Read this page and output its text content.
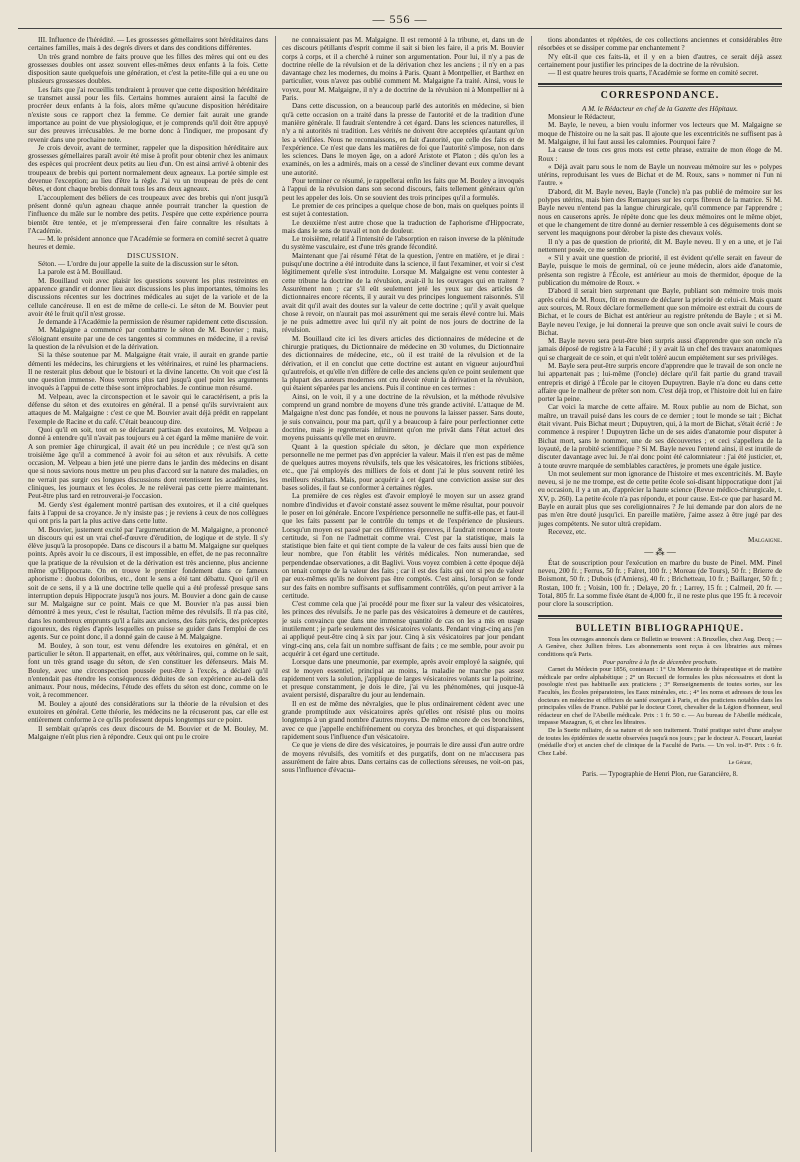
— 556 —

III. Influence de l'hérédité. — Les grossesses gémellaires sont héréditaires dans certaines familles, mais à des degrés divers et dans des conditions différentes.

Un très grand nombre de faits prouve que les filles des mères qui ont eu des grossesses doubles ont assez souvent elles-mêmes deux enfants à la fois. Cette disposition saute quelquefois une génération, et c'est la petite-fille qui a eu une ou plusieurs grossesses doubles.

Les faits que j'ai recueillis tendraient à prouver que cette disposition héréditaire se transmet aussi pour les fils. Certains hommes auraient ainsi la faculté de procréer deux enfants à la fois, alors même qu'aucune disposition héréditaire n'existe sous ce rapport chez la femme. Ce dernier fait aurait une grande importance au point de vue physiologique, et je comprends qu'il doit être appuyé sur des preuves irrécusables. Je me borne donc à l'indiquer, me proposant d'y revenir dans une prochaine note.

Je crois devoir, avant de terminer, rappeler que la disposition héréditaire aux grossesses gémellaires paraît avoir été mise à profit pour obtenir chez les animaux des espèces qui procréent deux petits au lieu d'un. On est ainsi arrivé à obtenir des troupeaux de brebis qui portent normalement deux agneaux. La portée simple est devenue l'exception; au lieu d'être la règle. J'ai vu un troupeau de près de cent bêtes, et dont chaque brebis donnait tous les ans deux agneaux.

L'accouplement des béliers de ces troupeaux avec des brebis qui n'ont jusqu'à présent donné qu'un agneau chaque année pourrait trancher la question de l'influence du mâle sur le nombre des petits. J'espère que cette expérience pourra bientôt être tentée, et je m'empresserai d'en faire connaître les résultats à l'Académie.

— M. le président annonce que l'Académie se formera en comité secret à quatre heures et demie.

DISCUSSION.

Séton. — L'ordre du jour appelle la suite de la discussion sur le séton.

La parole est à M. Bouillaud.

M. Bouillaud voit avec plaisir les questions souvent les plus restreintes en apparence grandir et donner lieu aux discussions les plus importantes, témoins les discussions récentes sur les doctrines médicales au sujet de la variole et de la cellule cancéreuse. Il en est de même de celle-ci. Le séton de M. Bouvier peut avoir été le fruit qu'il n'est grosse.

Je demande à l'Académie la permission de résumer rapidement cette discussion.

M. Malgaigne a commencé par combattre le séton de M. Bouvier ; mais, s'éloignant ensuite par une de ces tangentes si communes en médecine, il a revisé la question de la révulsion et de la dérivation.

Si la thèse soutenue par M. Malgaigne était vraie, il aurait en grande partie démenti les médecins, les chirurgiens et les vétérinaires, et ruiné les pharmaciens. Il ne resterait plus debout que le bistouri et la divine lancette. On voit que c'est là une question immense. Nous verrons plus tard jusqu'à quel point les arguments invoqués à l'appui de cette thèse sont irréprochables. Je continue mon résumé.

M. Velpeau, avec la circonspection et le savoir qui le caractérisent, a pris la défense du séton et des exutoires en général. Il a pensé qu'ils survivraient aux attaques de M. Malgaigne : c'est ce que M. Bouvier avait déjà prédit en rappelant l'exemple de Racine et du café. C'était beaucoup dire.

Quoi qu'il en soit, tout en se déclarant partisan des exutoires, M. Velpeau a donné à entendre qu'il n'avait pas toujours eu à cet égard la même manière de voir. A son premier âge chirurgical, il avait été un peu incrédule ; ce n'est qu'à son troisième âge qu'il a commencé à avoir foi au séton et aux révulsifs. A cette occasion, M. Velpeau a bien jeté une pierre dans le jardin des médecins en disant que si nous savions nous mettre un peu plus d'accord sur la nature des maladies, on ne verrait pas surgir ces longues discussions dont retentissent les académies, les cliniques, les journaux et les écoles. Je ne relèverai pas cette pierre maintenant. Peut-être plus tard en retrouverai-je l'occasion.

M. Gerdy s'est également montré partisan des exutoires, et il a cité quelques faits à l'appui de sa croyance. Je n'y insiste pas ; je reviens à ceux de nos collègues qui ont pris la part la plus active dans cette lutte.

M. Bouvier, justement excité par l'argumentation de M. Malgaigne, a prononcé un discours qui est un vrai chef-d'œuvre d'érudition, de logique et de style. Il s'y élève jusqu'à la prosopopée. Dans ce discours il a battu M. Malgaigne sur quelques points. Après avoir lu ce discours, il est impossible, en effet, de ne pas reconnaître que la pratique de la révulsion et de la dérivation est très ancienne, plus ancienne même qu'Hippocrate. On en trouve le premier fondement dans ce fameux aphorisme : duobus doloribus, etc., dont le sens a été tant débattu. Quoi qu'il en soit de ce sens, il y a là une doctrine telle quelle qui a été professé presque sans interruption depuis Hippocrate jusqu'à nos jours. M. Bouvier a donc gain de cause sur M. Malgaigne sur ce point. Mais ce que M. Bouvier n'a pas aussi bien démontré à mes yeux, c'est le résultat, l'action même des révulsifs. Il n'a pas cité, dans les nombreux emprunts qu'il a faits aux anciens, des faits précis, des préceptes rigoureux, des règles d'après lesquelles on puisse se guider dans l'emploi de ces agents. Sur ce point donc, il a donné gain de cause à M. Malgaigne.

M. Bouley, à son tour, est venu défendre les exutoires en général, et en particulier le séton. Il appartenait, en effet, aux vétérinaires, qui, comme on le sait, font un très grand usage du séton, de s'en constituer les défenseurs. Mais M. Bouley, avec une circonspection poussée peut-être à l'excès, a déclaré qu'il n'entendait pas étendre les conséquences déduites de son expérience au-delà des animaux. Pour nous, médecins, l'étude des effets du séton est donc, comme on le voit, à recommencer.

M. Bouley a ajouté des considérations sur la théorie de la révulsion et des exutoires en général. Cette théorie, les médecins ne la récuseront pas, car elle est entièrement conforme à ce qu'ils professent depuis longtemps sur ce point.

Il semblait qu'après ces deux discours de M. Bouvier et de M. Bouley, M. Malgaigne n'eût plus rien à répondre. Ceux qui ont pu le croire

ne connaissaient pas M. Malgaigne. Il est remonté à la tribune, et, dans un de ces discours pétillants d'esprit comme il sait si bien les faire, il a pris M. Bouvier corps à corps, et il a cherché à ruiner son argumentation. Pour lui, il n'y a pas de doctrine réelle de la révulsion et de la dérivation chez les anciens ; il n'y en a pas davantage chez les modernes, du moins à Paris. Quant à Montpellier, et Barthez en particulier, vous n'avez pas oublié comment M. Malgaigne l'a traité. Ainsi, vous le voyez, pour M. Malgaigne, il n'y a de doctrine de la révulsion ni à Montpellier ni à Paris.

Dans cette discussion, on a beaucoup parlé des autorités en médecine, si bien qu'à cette occasion on a traité dans la presse de l'autorité et de la tradition d'une manière générale. Il faudrait s'entendre à cet égard. Dans les sciences naturelles, il n'y a ni autorités ni tradition. Les vérités ne doivent être acceptées qu'autant qu'on les a vérifiées. Nous ne reconnaissons, en fait d'autorité, que celle des faits et de l'expérience. Ce n'est que dans les matières de foi que l'autorité s'impose, non dans les sciences. Dans le moyen âge, on a adoré Aristote et Platon ; dès qu'on les a examinés, on les a admirés, mais on a cessé de s'incliner devant eux comme devant une autorité.

Pour terminer ce résumé, je rappellerai enfin les faits que M. Bouley a invoqués à l'appui de la révulsion dans son second discours, faits tellement généraux qu'on peut les appeler des lois. On se souvient des trois principes qu'il a formulés.

Le premier de ces principes a quelque chose de bon, mais on quelques points il est sujet à contestation.

Le deuxième n'est autre chose que la traduction de l'aphorisme d'Hippocrate, mais dans le sens de travail et non de douleur.

Le troisième, relatif à l'intensité de l'absorption en raison inverse de la plénitude du système vasculaire, est d'une très grande fécondité.

Maintenant que j'ai résumé l'état de la question, j'entre en matière, et je dirai : puisqu'une doctrine a été introduite dans la science, il faut l'examiner, et voir si c'est légitimement qu'elle s'est introduite. Lorsque M. Malgaigne est venu contester à cette tribune la doctrine de la révulsion, avait-il lu les ouvrages qui en traitent ? Assurément non ; car s'il eût seulement jeté les yeux sur des articles de dictionnaires encore récents, il y aurait vu des principes longuement raisonnés. S'il avait dit qu'il avait des doutes sur la valeur de cette doctrine ; qu'il y avait quelque chose à revoir, on n'aurait pas moi assurément qui me serais élevé contre lui. Mais je ne puis admettre avec lui qu'il n'y ait point de nos jours de doctrine de la révulsion.

M. Bouillaud cite ici les divers articles des dictionnaires de médecine et de chirurgie pratiques, du Dictionnaire de médecine en 30 volumes, du Dictionnaire des dictionnaires de médecine, etc., où il est traité de la révulsion et de la dérivation, et il en conclut que cette doctrine est autant en vigueur aujourd'hui qu'autrefois, et qu'elle n'en diffère de celle des anciens qu'en ce point seulement que la plupart des auteurs modernes ont cru devoir réunir la dérivation et la révulsion, qui étaient séparées par les anciens. Puis il continue en ces termes :

Ainsi, on le voit, il y a une doctrine de la révulsion, et la méthode révulsive comprend un grand nombre de moyens d'une très grande activité. L'attaque de M. Malgaigne n'est donc pas fondée, et nous ne pouvons la laisser passer. Sans doute, je suis convaincu, pour ma part, qu'il y a beaucoup à faire pour perfectionner cette doctrine, mais je regretterais infiniment qu'on me privât dans l'état actuel des moyens puissants qu'elle met en œuvre.

Quant à la question spéciale du séton, je déclare que mon expérience personnelle ne me permet pas d'en apprécier la valeur. Mais il n'en est pas de même de quelques autres moyens révulsifs, tels que les vésicatoires, les frictions stibiées, etc., que j'ai employés des milliers de fois et dont j'ai le plus souvent retiré les meilleurs résultats. Mais, pour acquérir à cet égard une conviction assise sur des bases solides, il faut se conformer à certaines règles.

La première de ces règles est d'avoir employé le moyen sur un assez grand nombre d'individus et d'avoir constaté assez souvent le même résultat, pour pouvoir le poser en loi générale. Encore l'expérience personnelle ne suffit-elle pas, et faut-il que les faits passent par le contrôle du temps et de l'expérience de plusieurs. Lorsqu'un moyen est passé par ces différentes épreuves, il faudrait renoncer à toute certitude, si l'on ne l'admettait comme vrai. C'est par la statistique, mais la statistique bien faite et qui tient compte de la valeur de ces faits aussi bien que de leur nombre, que l'on établit les vérités médicales. Non numerandae, sed perpendendae observationes, a dit Baglivi. Vous voyez combien à cette époque déjà on tenait compte de la valeur des faits ; car il est des faits qui ont si peu de valeur par eux-mêmes qu'ils ne doivent pas être comptés. C'est ainsi, lorsqu'on se fonde sur des faits en nombre suffisants et suffisamment contrôlés, qu'on peut arriver à la certitude.

C'est comme cela que j'ai procédé pour me fixer sur la valeur des vésicatoires, les princes des révulsifs. Je ne parle pas des vésicatoires à demeure et de cautères, je suis convaincu que dans une immense quantité de cas on les a mis en usage inutilement ; je parle seulement des vésicatoires volants. Pendant vingt-cinq ans j'en ai appliqué peut-être cinq à six par jour. Cinq à six vésicatoires par jour pendant vingt-cinq ans, cela fait un nombre suffisant de faits ; ce me semble, pour avoir pu acquérir à cet égard une certitude.

Lorsque dans une pneumonie, par exemple, après avoir employé la saignée, qui est le moyen essentiel, principal au moins, la maladie ne marche pas assez rapidement vers la solution, j'applique de larges vésicatoires volants sur la poitrine, et presque constamment, je dois le dire, j'ai vu les phénomènes, qui jusque-là avaient persisté, disparaître du jour au lendemain.

Il en est de même des névralgies, que le plus ordinairement cèdent avec une grande promptitude aux vésicatoires après qu'elles ont résisté plus ou moins longtemps à un grand nombre d'autres moyens. De même encore de ces bronchites, avec ce que j'appelle enchifrènement ou coryza des bronches, et qui disparaissent rapidement sous l'influence d'un vésicatoire.

Ce que je viens de dire des vésicatoires, je pourrais le dire aussi d'un autre ordre de moyens révulsifs, des vomitifs et des purgatifs, dont on ne m'accusera pas assurément de faire abus. Dans certains cas de collections séreuses, ne voit-on pas, sous l'influence d'évacua-

tions abondantes et répétées, de ces collections anciennes et considérables être résorbées et se dissiper comme par enchantement ?

N'y eût-il que ces faits-là, et il y en a bien d'autres, ce serait déjà assez certainement pour justifier les principes de la doctrine de la révulsion.

— Il est quatre heures trois quarts, l'Académie se forme en comité secret.

CORRESPONDANCE.

A M. le Rédacteur en chef de la Gazette des Hôpitaux.

Monsieur le Rédacteur,

M. Bayle, le neveu, a bien voulu informer vos lecteurs que M. Malgaigne se moque de l'histoire ou ne la sait pas. Il ajoute que les excentricités ne suffisent pas à M. Malgaigne, il lui faut aussi les calomnies. Pourquoi faire ?

La cause de tous ces gros mots est cette phrase, extraite de mon éloge de M. Roux :

« Déjà avait paru sous le nom de Bayle un nouveau mémoire sur les » polypes utérins, reproduisant les vues de Bichat et de M. Roux, sans » nommer ni l'un ni l'autre. »

D'abord, dit M. Bayle neveu, Bayle (l'oncle) n'a pas publié de mémoire sur les polypes utérins, mais bien des Remarques sur les corps fibreux de la matrice. Si M. Bayle neveu n'entend pas la langue chirurgicale, qu'il commence par l'apprendre ; nous en causerons après. Je répète donc que les deux mémoires ont le même objet, et que le changement de titre donné au dernier ressemble à ces déguisements dont se servent les maquignons pour dérober la piste des chevaux volés.

Il n'y a pas de question de priorité, dit M. Bayle neveu. Il y en a une, et je l'ai nettement posée, ce me semble.

« S'il y avait une question de priorité, il est évident qu'elle serait en faveur de Bayle, puisque le mois de germinal, où ce jeune médecin, alors aide d'anatomie, présenta son registre à l'École, est antérieur au mois de thermidor, époque de la publication du mémoire de Roux. »

D'abord il serait bien surprenant que Bayle, publiant son mémoire trois mois après celui de M. Roux, fût en mesure de déclarer la priorité de celui-ci. Mais quant aux sources, M. Roux déclare formellement que son mémoire est extrait du cours de Bichat, et le cours de Bichat est antérieur au registre prétendu de Bayle ; et si M. Bayle neveu l'exige, je lui donnerai la preuve que son oncle avait suivi le cours de Bichat.

M. Bayle neveu sera peut-être bien surpris aussi d'apprendre que son oncle n'a jamais déposé de registre à la Faculté ; il y avait là un chef des travaux anatomiques qui se chargeait de ce soin, et qui n'eût toléré aucun empiétement sur ses privilèges.

M. Bayle sera peut-être surpris encore d'apprendre que le travail de son oncle ne lui appartenait pas ; lui-même (l'oncle) déclare qu'il fait partie du grand travail entrepris et dirigé à l'École par le citoyen Dupuytren. Bayle n'a donc eu dans cette affaire que le malheur de prêter son nom. C'est déjà trop, et l'histoire doit lui en faire porter la peine.

Car voici la marche de cette affaire. M. Roux publie au nom de Bichat, son maître, un travail puisé dans les cours de ce dernier ; tout le monde se tait ; Bichat était vivant. Puis Bichat meurt ; Dupuytren, qui, à la mort de Bichat, s'était écrié : Je commence à respirer ! Dupuytren lâche un de ses aides d'anatomie pour disputer à Bichat mort, sans le nommer, une de ses découvertes ; et ceci s'appellera de la loyauté, de la probité scientifique ? Si M. Bayle neveu l'entend ainsi, il est inutile de discuter davantage avec lui. Je n'ai donc point été calomniateur : j'ai été justicier, et, à toute œuvre marquée de semblables caractères, je promets une égale justice.

Un mot seulement sur mon ignorance de l'histoire et mes excentricités. M. Bayle neveu, si je ne me trompe, est de cette petite école soi-disant hippocratique dont j'ai eu occasion, il y a un an, d'apprécier la haute science (Revue médico-chirurgicale, t. XV, p. 260). La petite école n'a pas répondu, et pour cause. Est-ce que par hasard M. Bayle en aurait plus que ses coreligionnaires ? Je lui demande par don alors de ne pas m'en être douté jusqu'ici. En pareille matière, j'aime assez à être jugé par des juges compétents. Ne sutor ultrà crepidam.

Recevez, etc.

Malgaigne.
— ⁂ —

État de souscription pour l'exécution en marbre du buste de Pinel. MM. Pinel neveu, 200 fr. ; Ferrus, 50 fr. ; Falret, 100 fr. ; Moreau (de Tours), 50 fr. ; Brierre de Boismont, 50 fr. ; Dubois (d'Amiens), 40 fr. ; Brichetteau, 10 fr. ; Baillarger, 50 fr. ; Rostan, 100 fr. ; Voisin, 100 fr. ; Delaye, 20 fr. ; Larrey, 15 fr. ; Calmeil, 20 fr. — Total, 805 fr. La somme fixée étant de 4,000 fr., il ne reste plus que 195 fr. à recevoir pour clore la souscription.

BULLETIN BIBLIOGRAPHIQUE.

Tous les ouvrages annoncés dans ce Bulletin se trouvent : A Bruxelles, chez Aug. Decq ; — A Genève, chez Jullien frères. Les abonnements sont reçus à ces librairies aux mêmes conditions qu'à Paris.

Pour paraître à la fin de décembre prochain.

Carnet du Médecin pour 1856, contenant : 1° Un Memento de thérapeutique et de matière médicale par ordre alphabétique ; 2° un Recueil de formules les plus nécessaires et dont la posologie n'est pas habituelle aux praticiens ; 3° Renseignements de toutes sortes, sur les Facultés, les Écoles préparatoires, les Eaux minérales, etc. ; 4° les noms et adresses de tous les docteurs en médecine et officiers de santé exerçant à Paris, et des praticiens notables dans les principales villes de France. Publié par le docteur Coret, chevalier de la Légion d'honneur, seul rédacteur en chef de l'Abeille médicale. Prix : 1 fr. 50 c. — Au bureau de l'Abeille médicale, impasse Mazagran, 6, et chez les libraires.

De la Suette miliaire, de sa nature et de son traitement. Traité pratique suivi d'une analyse de toutes les épidémies de suette observées jusqu'à nos jours ; par le docteur A. Foucart, lauréat (médaille d'or) et ancien chef de clinique de la Faculté de Paris. — Un vol. in-8°. Prix : 6 fr. Chez Labé.

Le Gérant,
Paris. — Typographie de Henri Plon, rue Garancière, 8.
